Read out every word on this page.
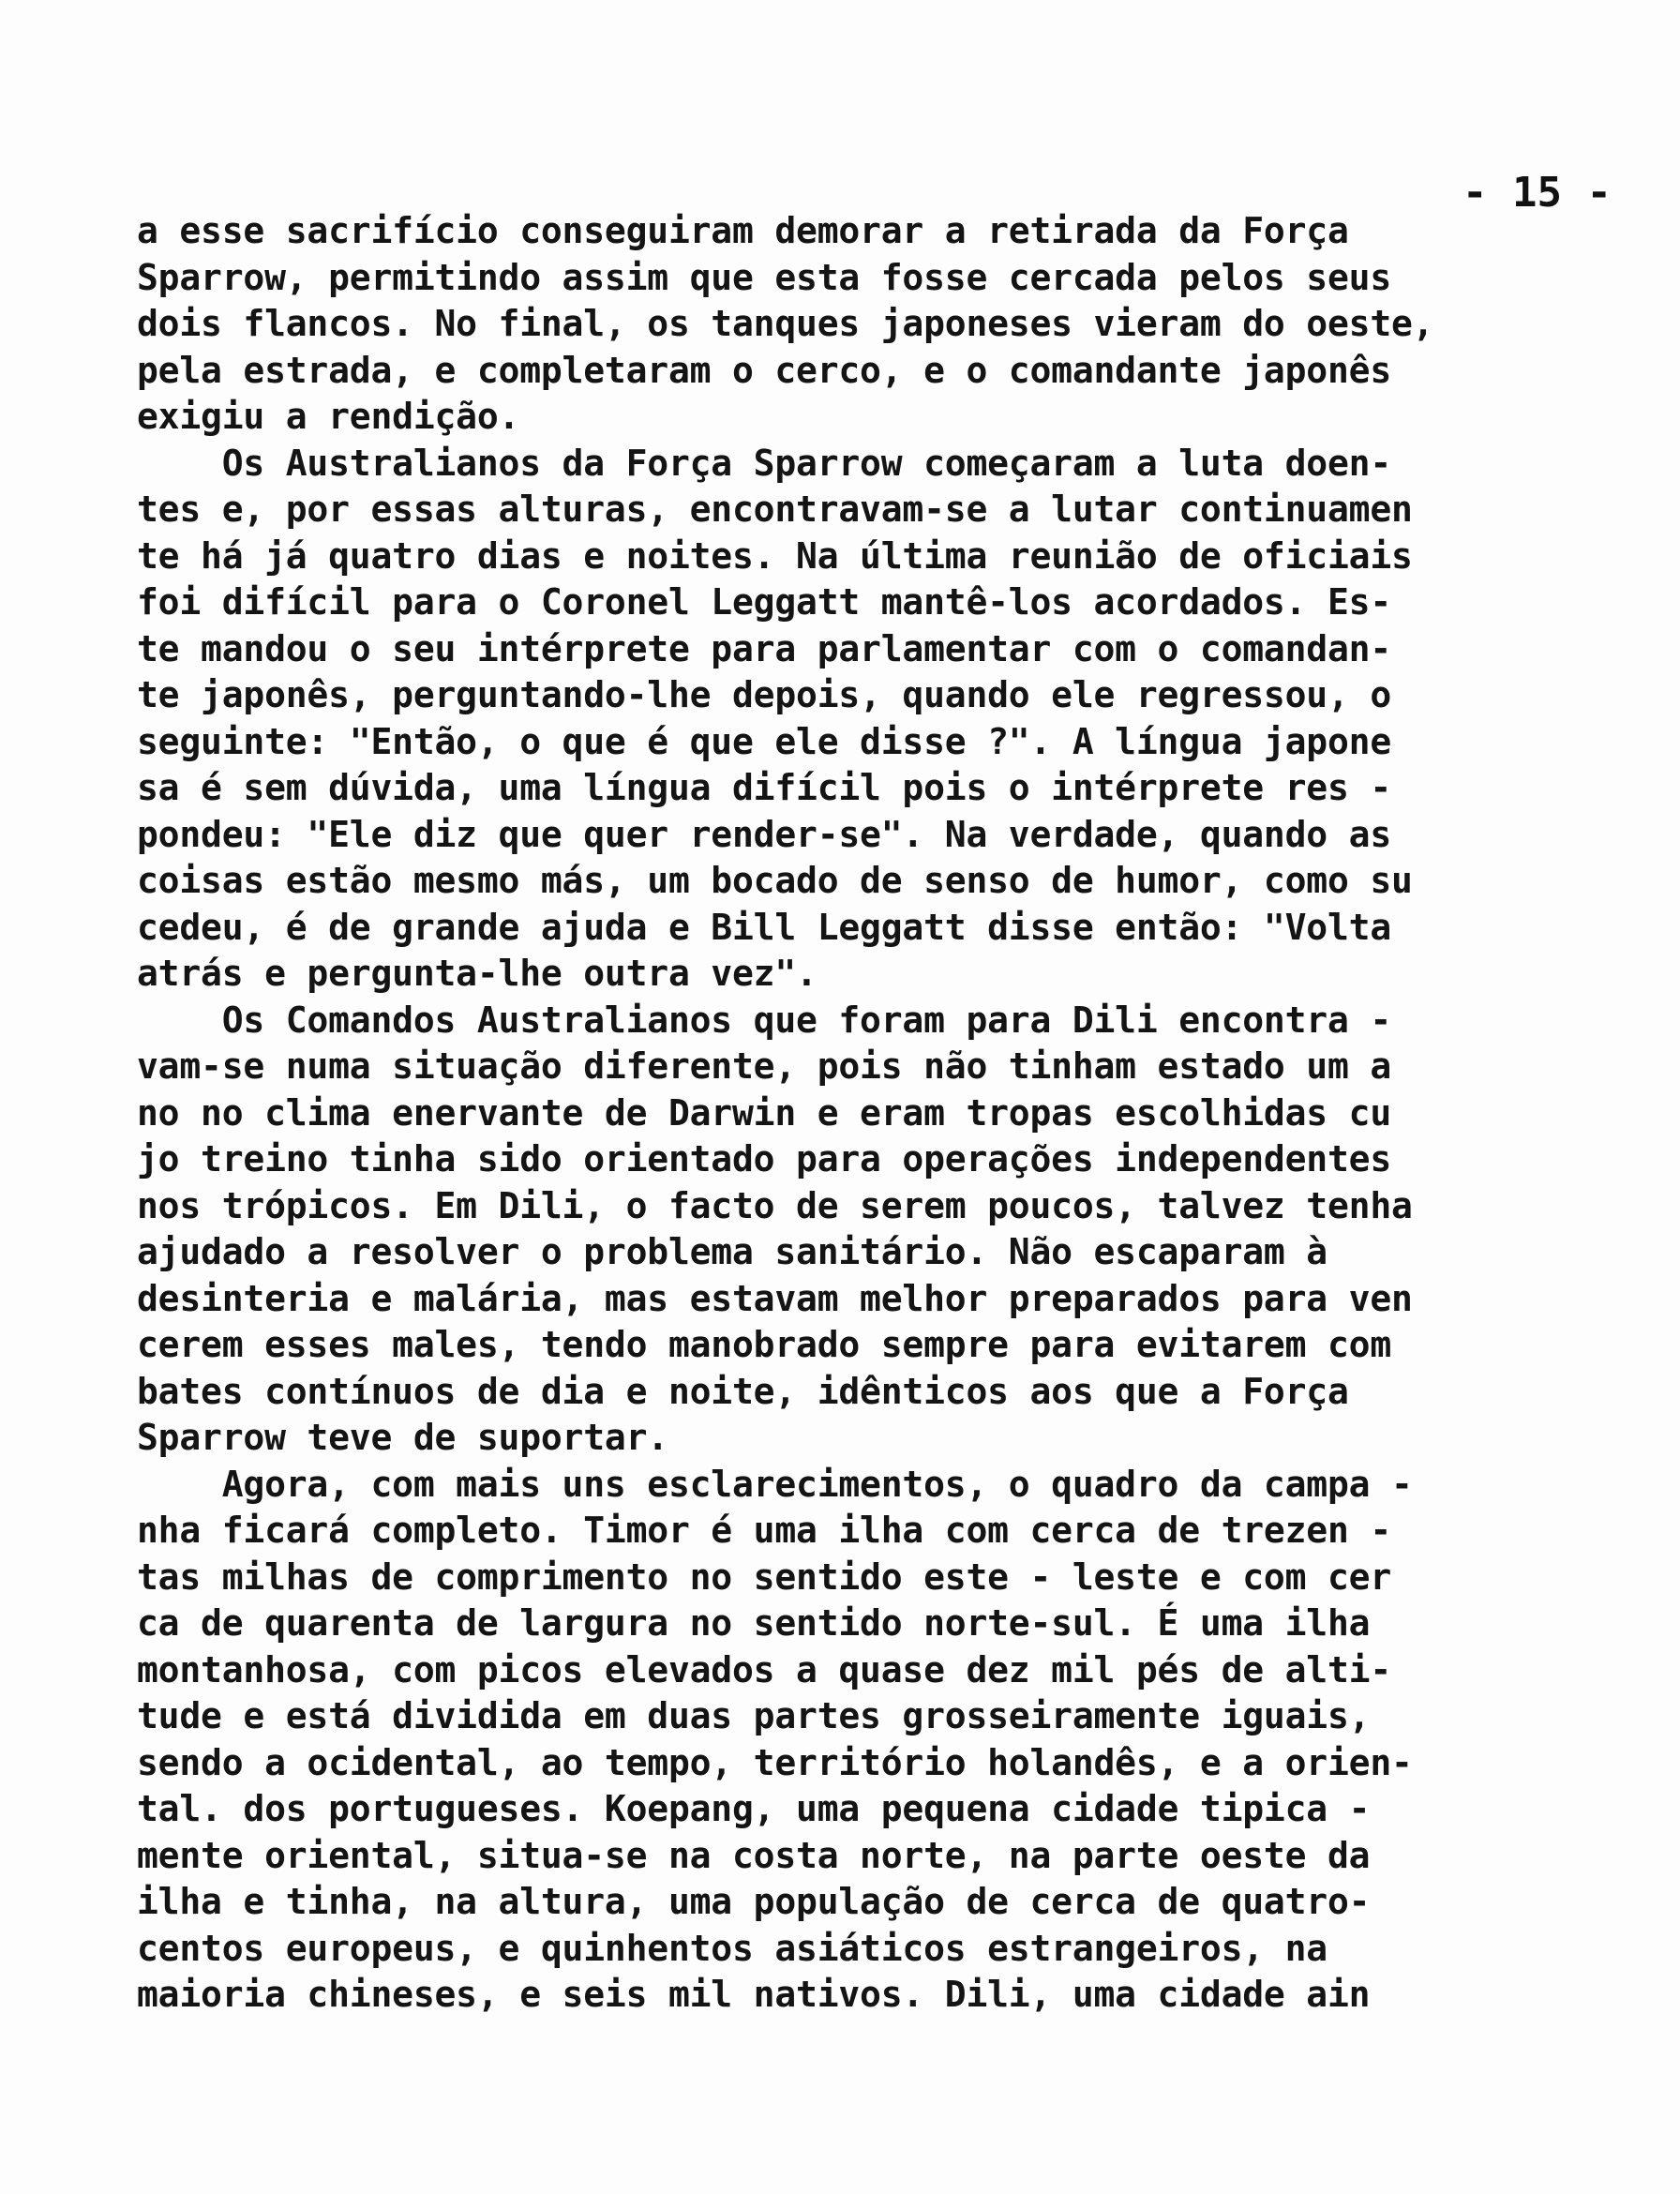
- 15 -
a esse sacrifício conseguiram demorar a retirada da Força
Sparrow, permitindo assim que esta fosse cercada pelos seus
dois flancos. No final, os tanques japoneses vieram do oeste,
pela estrada, e completaram o cerco, e o comandante japonês
exigiu a rendição.
Os Australianos da Força Sparrow começaram a luta doen-
tes e, por essas alturas, encontravam-se a lutar continuamen
te há já quatro dias e noites. Na última reunião de oficiais
foi difícil para o Coronel Leggatt mantê-los acordados. Es-
te mandou o seu intérprete para parlamentar com o comandan-
te japonês, perguntando-lhe depois, quando ele regressou, o
seguinte: "Então, o que é que ele disse ?". A língua japone
sa é sem dúvida, uma língua difícil pois o intérprete res -
pondeu: "Ele diz que quer render-se". Na verdade, quando as
coisas estão mesmo más, um bocado de senso de humor, como su
cedeu, é de grande ajuda e Bill Leggatt disse então: "Volta
atrás e pergunta-lhe outra vez".
Os Comandos Australianos que foram para Dili encontra -
vam-se numa situação diferente, pois não tinham estado um a
no no clima enervante de Darwin e eram tropas escolhidas cu
jo treino tinha sido orientado para operações independentes
nos trópicos. Em Dili, o facto de serem poucos, talvez tenha
ajudado a resolver o problema sanitário. Não escaparam à
desinteria e malária, mas estavam melhor preparados para ven
cerem esses males, tendo manobrado sempre para evitarem com
bates contínuos de dia e noite, idênticos aos que a Força
Sparrow teve de suportar.
Agora, com mais uns esclarecimentos, o quadro da campa -
nha ficará completo. Timor é uma ilha com cerca de trezen -
tas milhas de comprimento no sentido este - leste e com cer
ca de quarenta de largura no sentido norte-sul. É uma ilha
montanhosa, com picos elevados a quase dez mil pés de alti-
tude e está dividida em duas partes grosseiramente iguais,
sendo a ocidental, ao tempo, território holandês, e a orien-
tal. dos portugueses. Koepang, uma pequena cidade tipica -
mente oriental, situa-se na costa norte, na parte oeste da
ilha e tinha, na altura, uma população de cerca de quatro-
centos europeus, e quinhentos asiáticos estrangeiros, na
maioria chineses, e seis mil nativos. Dili, uma cidade ain
